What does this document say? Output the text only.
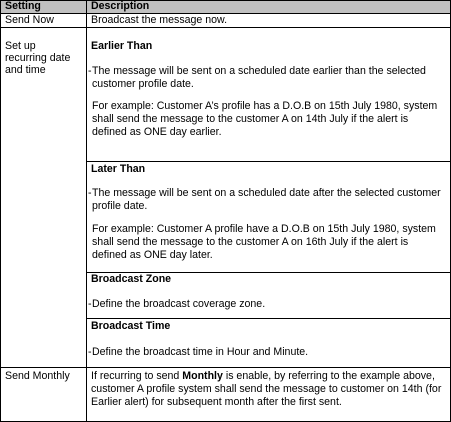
Setting	Description
Send Now	Broadcast the message now.
Set up
recurring date
and time
Earlier Than
- The message will be sent on a scheduled date earlier than the selected
customer profile date.
For example: Customer A’s profile has a D.O.B on 15th July 1980, system
shall send the message to the customer A on 14th July if the alert is
defined as ONE day earlier.
Later Than
- The message will be sent on a scheduled date after the selected customer
profile date.
For example: Customer A profile have a D.O.B on 15th July 1980, system
shall send the message to the customer A on 16th July if the alert is
defined as ONE day later.
Broadcast Zone
- Define the broadcast coverage zone.
Broadcast Time
- Define the broadcast time in Hour and Minute.
Send Monthly If recurring to send Monthly is enable, by referring to the example above,
customer A profile system shall send the message to customer on 14th (for
Earlier alert) for subsequent month after the first sent.
